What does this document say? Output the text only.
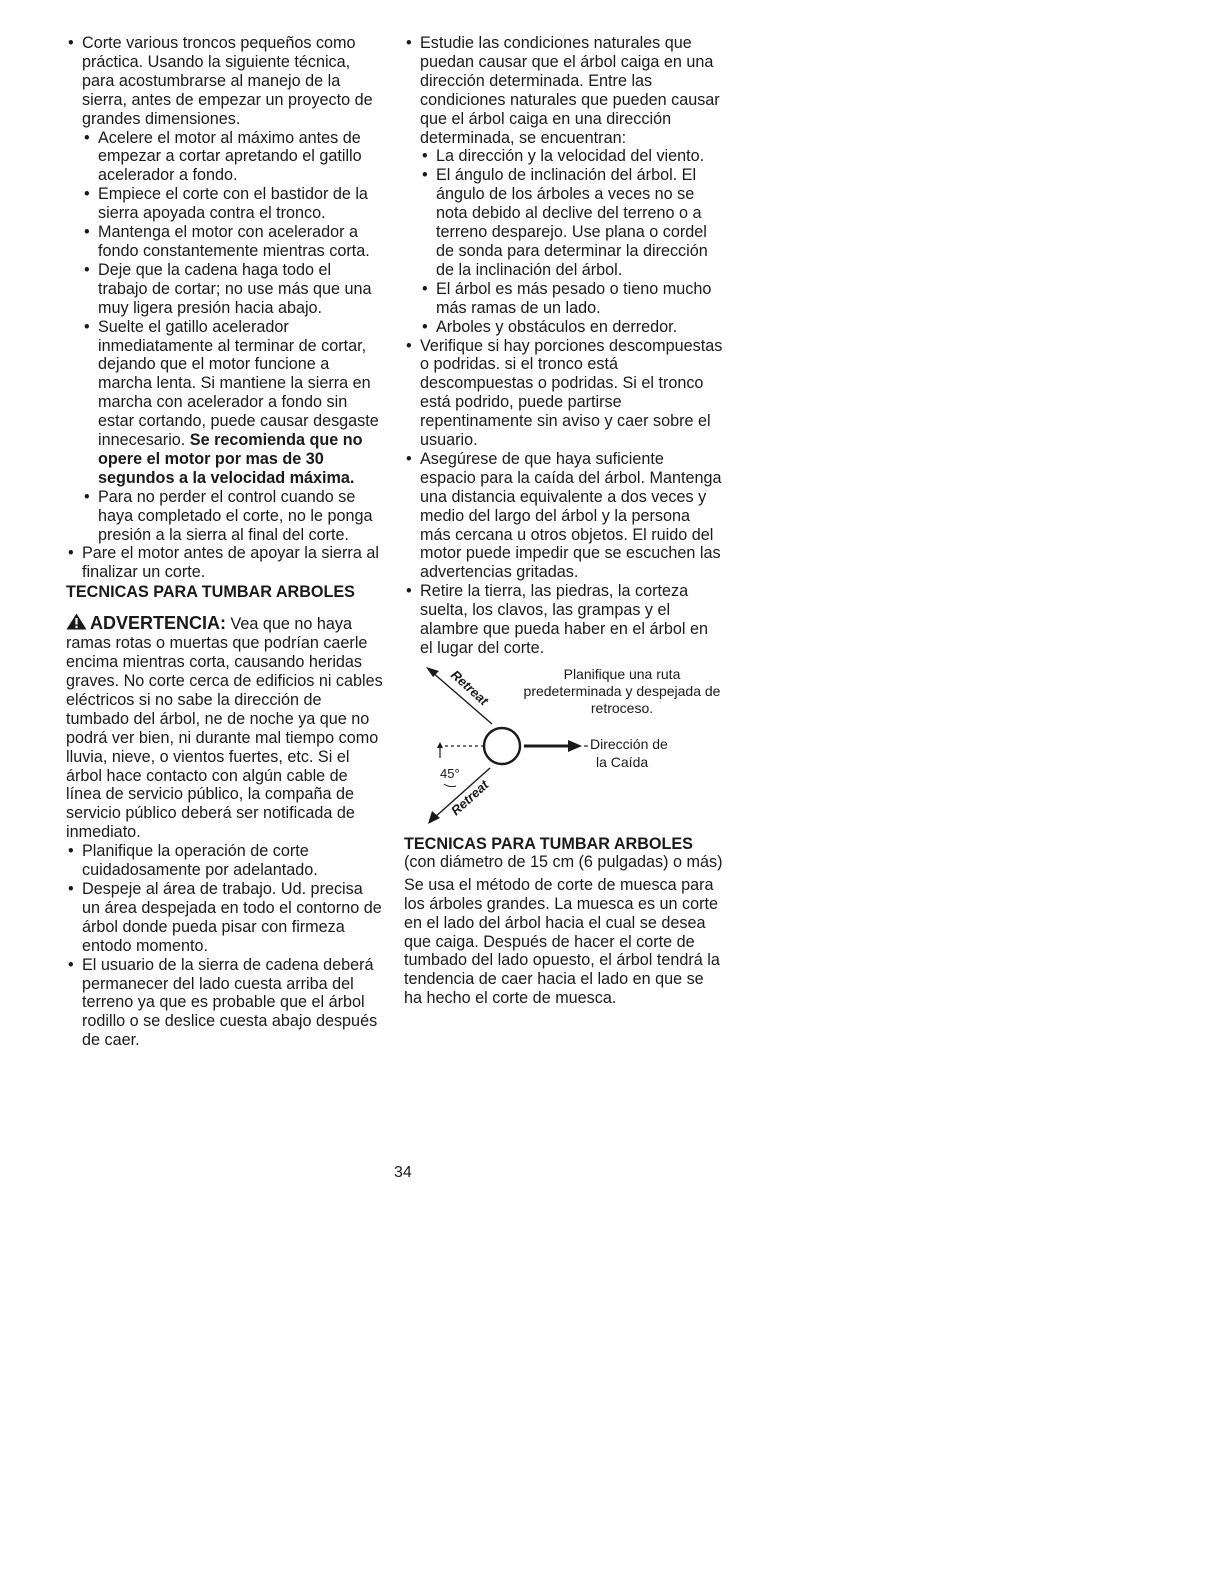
• Corte various troncos pequeños como práctica. Usando la siguiente técnica, para acostumbrarse al manejo de la sierra, antes de empezar un proyecto de grandes dimensiones.

• Acelere el motor al máximo antes de empezar a cortar apretando el gatillo acelerador a fondo.

• Empiece el corte con el bastidor de la sierra apoyada contra el tronco.

• Mantenga el motor con acelerador a fondo constantemente mientras corta.

• Deje que la cadena haga todo el trabajo de cortar; no use más que una muy ligera presión hacia abajo.

• Suelte el gatillo acelerador inmediatamente al terminar de cortar, dejando que el motor funcione a marcha lenta. Si mantiene la sierra en marcha con acelerador a fondo sin estar cortando, puede causar desgaste innecesario. Se recomienda que no opere el motor por mas de 30 segundos a la velocidad máxima.

• Para no perder el control cuando se haya completado el corte, no le ponga presión a la sierra al final del corte.

• Pare el motor antes de apoyar la sierra al finalizar un corte.

TECNICAS PARA TUMBAR ARBOLES

ADVERTENCIA: Vea que no haya ramas rotas o muertas que podrían caerle encima mientras corta, causando heridas graves. No corte cerca de edificios ni cables eléctricos si no sabe la dirección de tumbado del árbol, ne de noche ya que no podrá ver bien, ni durante mal tiempo como lluvia, nieve, o vientos fuertes, etc. Si el árbol hace contacto con algún cable de línea de servicio público, la compaña de servicio público deberá ser notificada de inmediato.

• Planifique la operación de corte cuidadosamente por adelantado.

• Despeje al área de trabajo. Ud. precisa un área despejada en todo el contorno de árbol donde pueda pisar con firmeza entodo momento.

• El usuario de la sierra de cadena deberá permanecer del lado cuesta arriba del terreno ya que es probable que el árbol rodillo o se deslice cuesta abajo después de caer.

• Estudie las condiciones naturales que puedan causar que el árbol caiga en una dirección determinada. Entre las condiciones naturales que pueden causar que el árbol caiga en una dirección determinada, se encuentran:

• La dirección y la velocidad del viento.

• El ángulo de inclinación del árbol. El ángulo de los árboles a veces no se nota debido al declive del terreno o a terreno desparejo. Use plana o cordel de sonda para determinar la dirección de la inclinación del árbol.

• El árbol es más pesado o tieno mucho más ramas de un lado.

• Arboles y obstáculos en derredor.

• Verifique si hay porciones descompuestas o podridas. si el tronco está descompuestas o podridas. Si el tronco está podrido, puede partirse repentinamente sin aviso y caer sobre el usuario.

• Asegúrese de que haya suficiente espacio para la caída del árbol. Mantenga una distancia equivalente a dos veces y medio del largo del árbol y la persona más cercana u otros objetos. El ruido del motor puede impedir que se escuchen las advertencias gritadas.

• Retire la tierra, las piedras, la corteza suelta, los clavos, las grampas y el alambre que pueda haber en el árbol en el lugar del corte.

Retreat
45°
Retreat
Planifique una ruta predeterminada y despejada de retroceso.
Dirección de
la Caída

TECNICAS PARA TUMBAR ARBOLES

(con diámetro de 15 cm (6 pulgadas) o más)

Se usa el método de corte de muesca para los árboles grandes. La muesca es un corte en el lado del árbol hacia el cual se desea que caiga. Después de hacer el corte de tumbado del lado opuesto, el árbol tendrá la tendencia de caer hacia el lado en que se ha hecho el corte de muesca.

34
